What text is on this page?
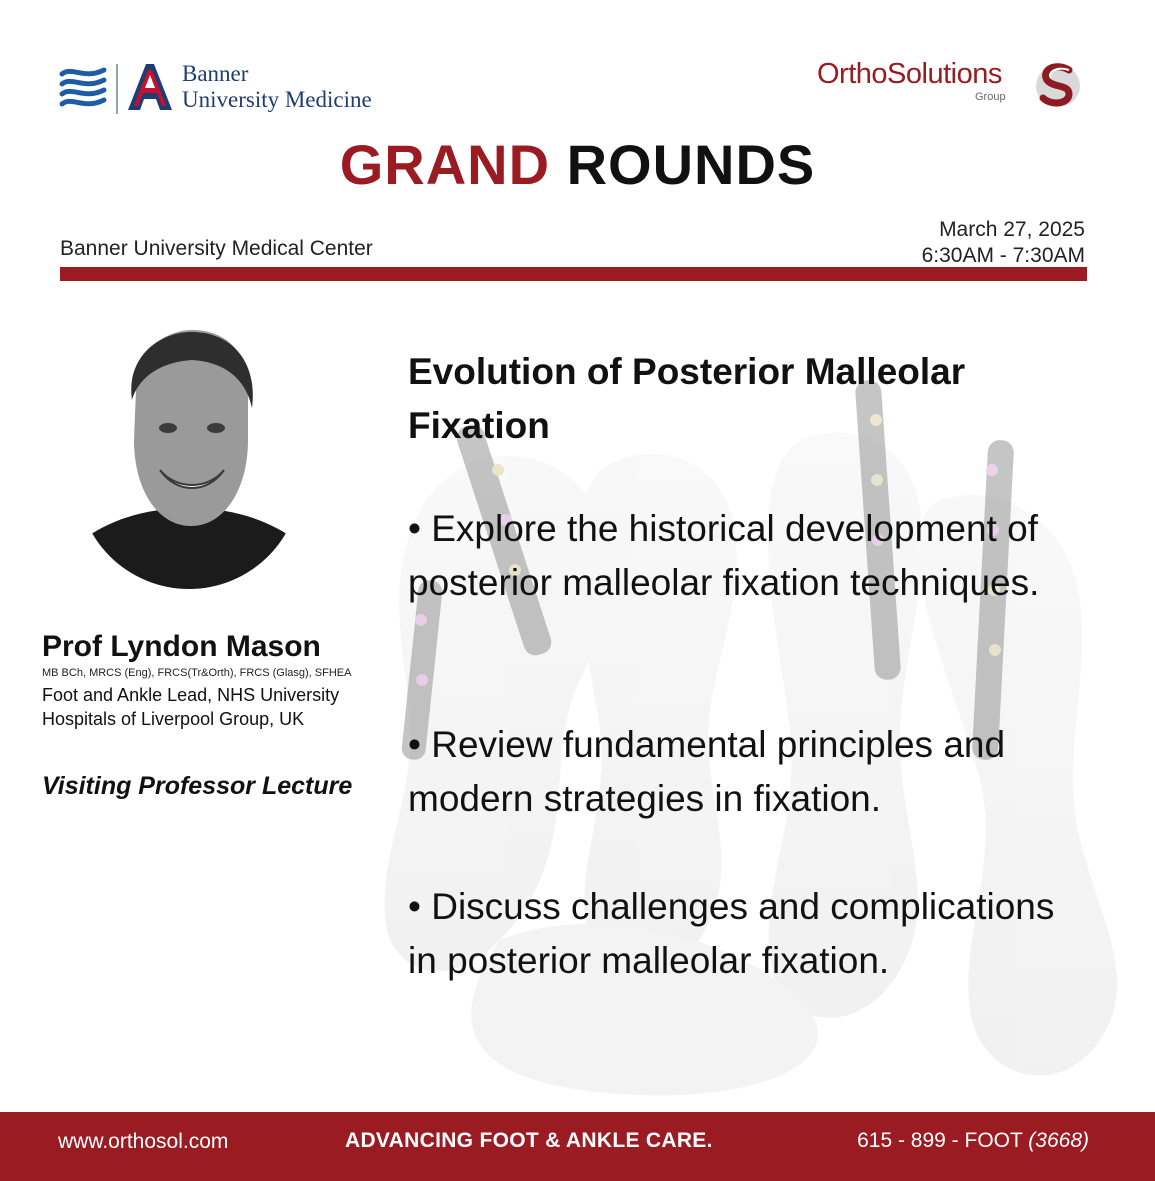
Banner
University Medicine
OrthoSolutions
Group
GRAND ROUNDS
Banner University Medical Center
March 27, 2025
6:30AM - 7:30AM
Prof Lyndon Mason
MB BCh, MRCS (Eng), FRCS(Tr&Orth), FRCS (Glasg), SFHEA
Foot and Ankle Lead, NHS University
Hospitals of Liverpool Group, UK
Visiting Professor Lecture
Evolution of Posterior Malleolar Fixation
• Explore the historical development of posterior malleolar fixation techniques.
• Review fundamental principles and modern strategies in fixation.
• Discuss challenges and complications in posterior malleolar fixation.
www.orthosol.com	ADVANCING FOOT & ANKLE CARE.	615 - 899 - FOOT (3668)
